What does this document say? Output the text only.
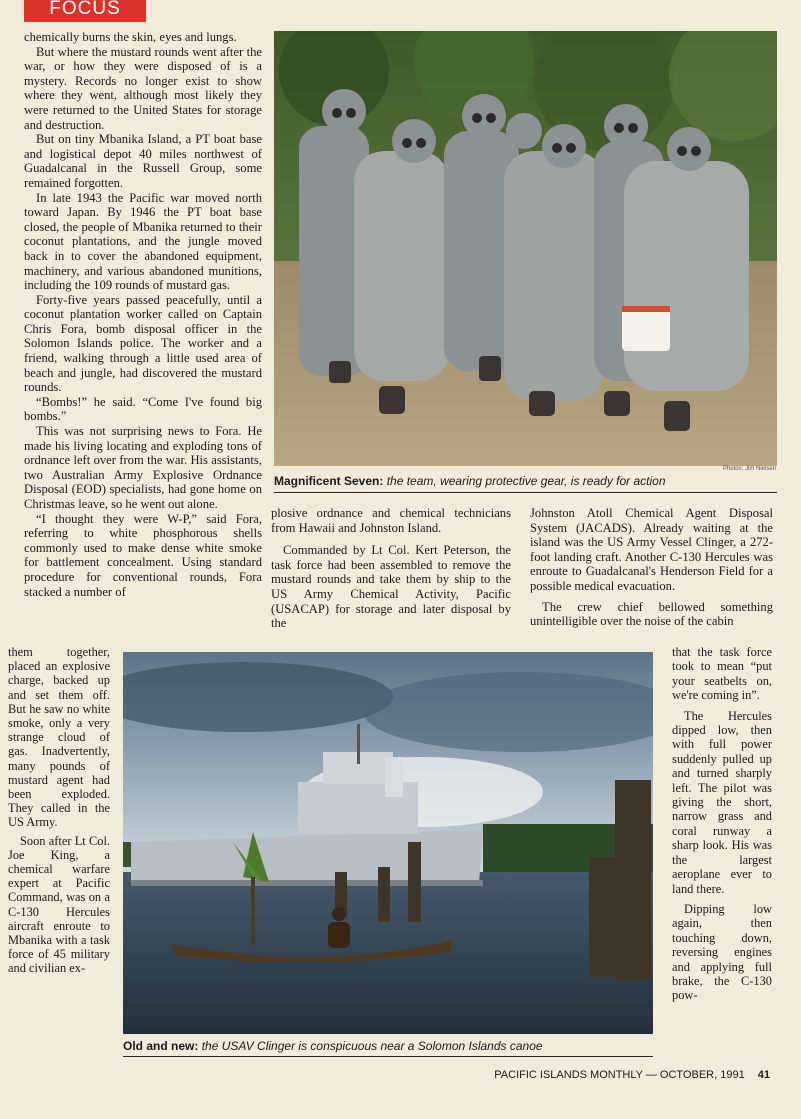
FOCUS

chemically burns the skin, eyes and lungs.

But where the mustard rounds went after the war, or how they were disposed of is a mystery. Records no longer exist to show where they went, although most likely they were returned to the United States for storage and destruction.

But on tiny Mbanika Island, a PT boat base and logistical depot 40 miles northwest of Guadalcanal in the Russell Group, some remained forgotten.

In late 1943 the Pacific war moved north toward Japan. By 1946 the PT boat base closed, the people of Mbanika returned to their coconut plantations, and the jungle moved back in to cover the abandoned equipment, machinery, and various abandoned munitions, including the 109 rounds of mustard gas.

Forty-five years passed peacefully, until a coconut plantation worker called on Captain Chris Fora, bomb disposal officer in the Solomon Islands police. The worker and a friend, walking through a little used area of beach and jungle, had discovered the mustard rounds.

“Bombs!” he said. “Come I've found big bombs.”

This was not surprising news to Fora. He made his living locating and exploding tons of ordnance left over from the war. His assistants, two Australian Army Explosive Ordnance Disposal (EOD) specialists, had gone home on Christmas leave, so he went out alone.

“I thought they were W-P,” said Fora, referring to white phosphorous shells commonly used to make dense white smoke for battlement concealment. Using standard procedure for conventional rounds, Fora stacked a number of

them together, placed an explosive charge, backed up and set them off. But he saw no white smoke, only a very strange cloud of gas. Inadvertently, many pounds of mustard agent had been exploded. They called in the US Army.

Soon after Lt Col. Joe King, a chemical warfare expert at Pacific Command, was on a C-130 Hercules aircraft enroute to Mbanika with a task force of 45 military and civilian ex-

Photos: Jim Nielsen
Magnificent Seven: the team, wearing protective gear, is ready for action

plosive ordnance and chemical technicians from Hawaii and Johnston Island.

Commanded by Lt Col. Kert Peterson, the task force had been assembled to remove the mustard rounds and take them by ship to the US Army Chemical Activity, Pacific (USACAP) for storage and later disposal by the

Johnston Atoll Chemical Agent Disposal System (JACADS). Already waiting at the island was the US Army Vessel Clinger, a 272-foot landing craft. Another C-130 Hercules was enroute to Guadalcanal's Henderson Field for a possible medical evacuation.

The crew chief bellowed something unintelligible over the noise of the cabin

that the task force took to mean “put your seatbelts on, we're coming in”.

The Hercules dipped low, then with full power suddenly pulled up and turned sharply left. The pilot was giving the short, narrow grass and coral runway a sharp look. His was the largest aeroplane ever to land there.

Dipping low again, then touching down, reversing engines and applying full brake, the C-130 pow-

Old and new: the USAV Clinger is conspicuous near a Solomon Islands canoe
PACIFIC ISLANDS MONTHLY — OCTOBER, 1991 41
